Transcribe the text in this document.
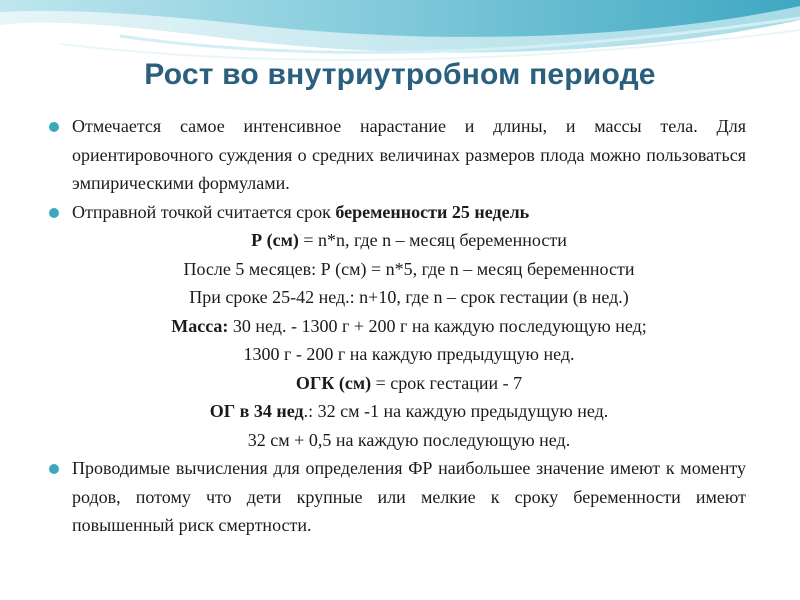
Рост во внутриутробном периоде
Отмечается самое интенсивное нарастание и длины, и массы тела. Для ориентировочного суждения о средних величинах размеров плода можно пользоваться эмпирическими формулами.
Отправной точкой считается срок беременности 25 недель
Р (см) = n*n, где n – месяц беременности
После 5 месяцев: Р (см) = n*5, где n – месяц беременности
При сроке 25-42 нед.: n+10, где n – срок гестации (в нед.)
Масса: 30 нед. - 1300 г + 200 г на каждую последующую нед;
1300 г - 200 г на каждую предыдущую нед.
ОГК (см) = срок гестации - 7
ОГ в 34 нед.: 32 см -1 на каждую предыдущую нед.
32 см + 0,5 на каждую последующую нед.
Проводимые вычисления для определения ФР наибольшее значение имеют к моменту родов, потому что дети крупные или мелкие к сроку беременности имеют повышенный риск смертности.
